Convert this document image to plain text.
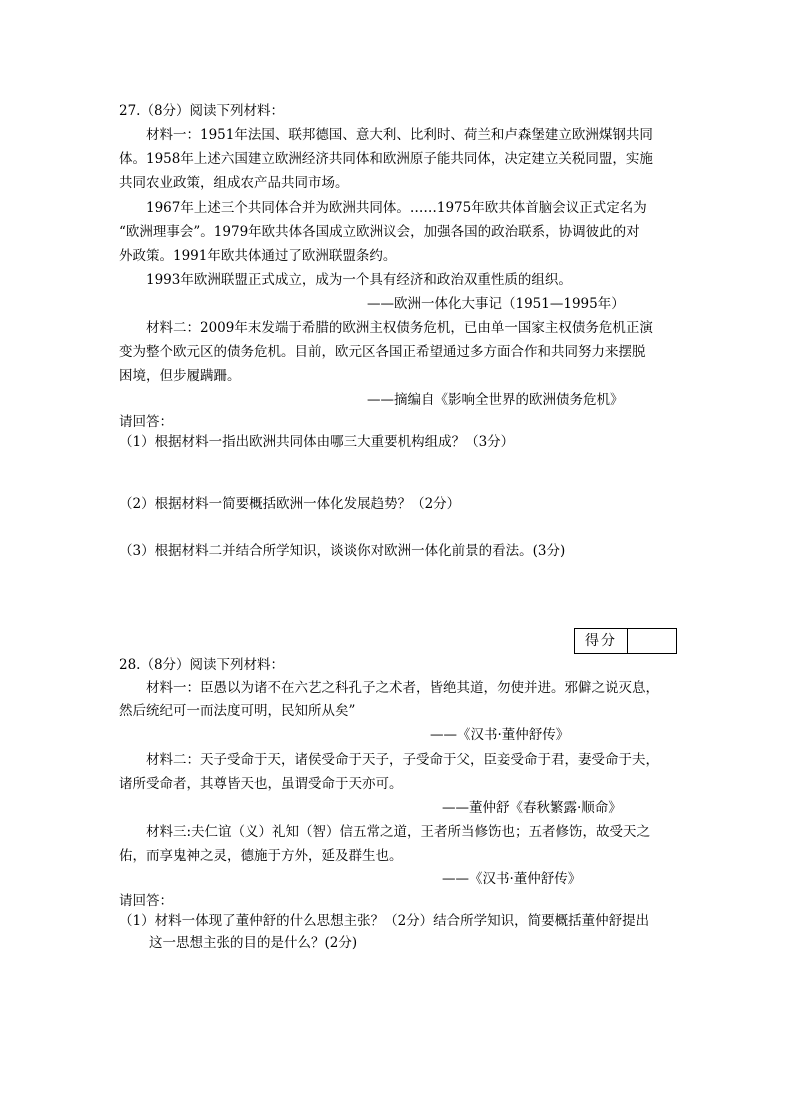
27.（8分）阅读下列材料：
材料一：1951年法国、联邦德国、意大利、比利时、荷兰和卢森堡建立欧洲煤钢共同
体。1958年上述六国建立欧洲经济共同体和欧洲原子能共同体，决定建立关税同盟，实施
共同农业政策，组成农产品共同市场。
1967年上述三个共同体合并为欧洲共同体。……1975年欧共体首脑会议正式定名为
“欧洲理事会”。1979年欧共体各国成立欧洲议会，加强各国的政治联系，协调彼此的对
外政策。1991年欧共体通过了欧洲联盟条约。
1993年欧洲联盟正式成立，成为一个具有经济和政治双重性质的组织。
——欧洲一体化大事记（1951—1995年）
材料二：2009年末发端于希腊的欧洲主权债务危机，已由单一国家主权债务危机正演
变为整个欧元区的债务危机。目前，欧元区各国正希望通过多方面合作和共同努力来摆脱
困境，但步履蹒跚。
——摘编自《影响全世界的欧洲债务危机》
请回答：
（1）根据材料一指出欧洲共同体由哪三大重要机构组成？（3分）
（2）根据材料一简要概括欧洲一体化发展趋势？（2分）
（3）根据材料二并结合所学知识，谈谈你对欧洲一体化前景的看法。(3分)
得分
28.（8分）阅读下列材料：
材料一：臣愚以为诸不在六艺之科孔子之术者，皆绝其道，勿使并进。邪僻之说灭息，
然后统纪可一而法度可明，民知所从矣”
——《汉书·董仲舒传》
材料二：天子受命于天，诸侯受命于天子，子受命于父，臣妾受命于君，妻受命于夫，
诸所受命者，其尊皆天也，虽谓受命于天亦可。
——董仲舒《春秋繁露·顺命》
材料三:夫仁谊（义）礼知（智）信五常之道，王者所当修饬也；五者修饬，故受天之
佑，而享鬼神之灵，德施于方外，延及群生也。
——《汉书·董仲舒传》
请回答：
（1）材料一体现了董仲舒的什么思想主张？（2分）结合所学知识，简要概括董仲舒提出
这一思想主张的目的是什么？(2分)
